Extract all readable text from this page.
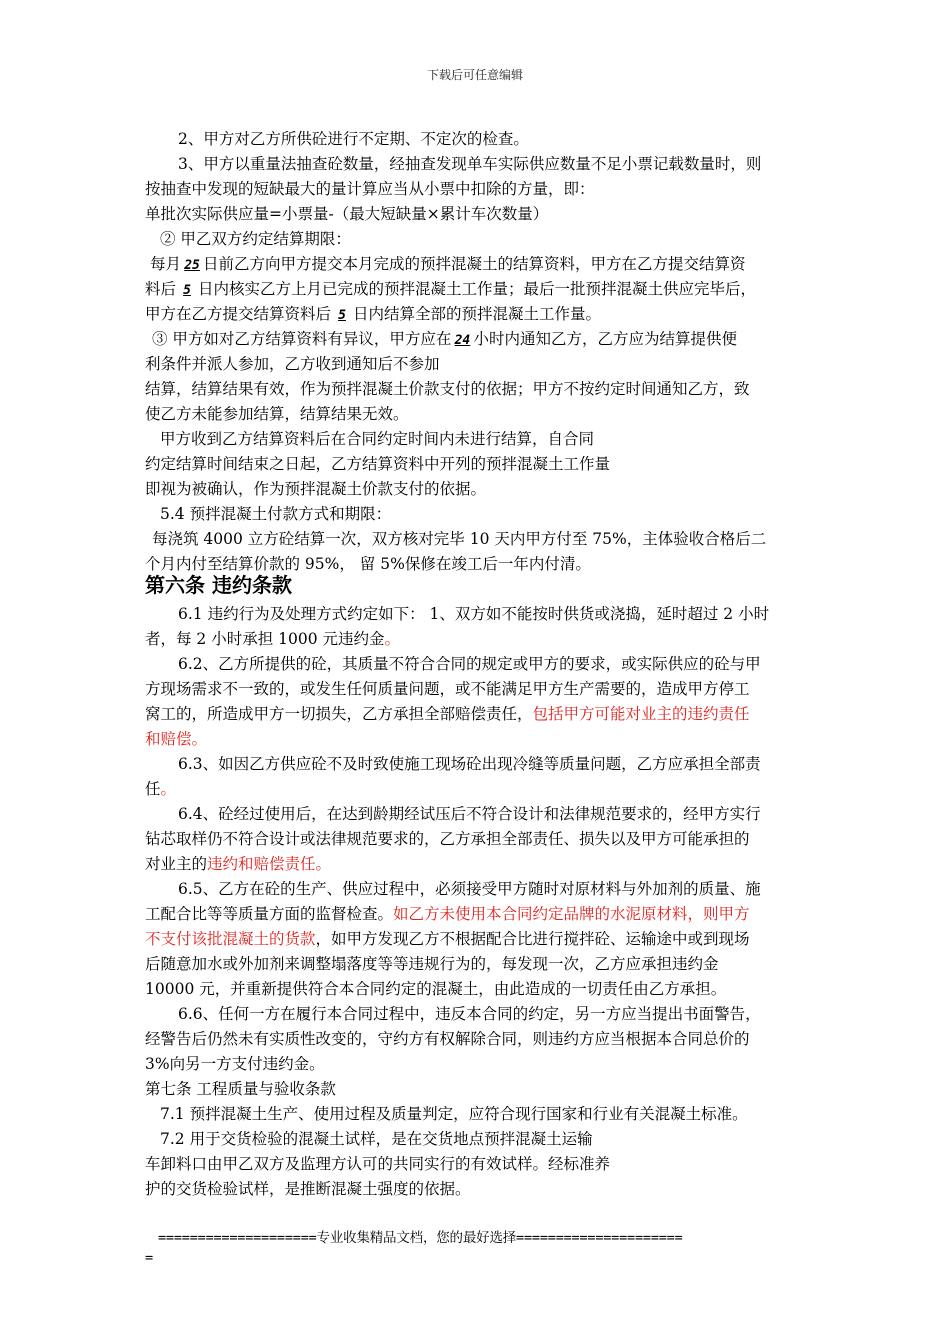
下载后可任意编辑
2、甲方对乙方所供砼进行不定期、不定次的检查。
3、甲方以重量法抽查砼数量，经抽查发现单车实际供应数量不足小票记载数量时，则
按抽查中发现的短缺最大的量计算应当从小票中扣除的方量，即：
单批次实际供应量=小票量-（最大短缺量×累计车次数量）
② 甲乙双方约定结算期限：
每月 25 日前乙方向甲方提交本月完成的预拌混凝土的结算资料，甲方在乙方提交结算资
料后 5 日内核实乙方上月已完成的预拌混凝土工作量；最后一批预拌混凝土供应完毕后，
甲方在乙方提交结算资料后 5 日内结算全部的预拌混凝土工作量。
③ 甲方如对乙方结算资料有异议，甲方应在 24 小时内通知乙方，乙方应为结算提供便
利条件并派人参加，乙方收到通知后不参加
结算，结算结果有效，作为预拌混凝土价款支付的依据；甲方不按约定时间通知乙方，致
使乙方未能参加结算，结算结果无效。
甲方收到乙方结算资料后在合同约定时间内未进行结算，自合同
约定结算时间结束之日起，乙方结算资料中开列的预拌混凝土工作量
即视为被确认，作为预拌混凝土价款支付的依据。
5.4 预拌混凝土付款方式和期限：
每浇筑 4000 立方砼结算一次，双方核对完毕 10 天内甲方付至 75%，主体验收合格后二
个月内付至结算价款的 95%， 留 5%保修在竣工后一年内付清。
第六条 违约条款
6.1 违约行为及处理方式约定如下： 1、双方如不能按时供货或浇捣，延时超过 2 小时
者，每 2 小时承担 1000 元违约金。
6.2、乙方所提供的砼，其质量不符合合同的规定或甲方的要求，或实际供应的砼与甲
方现场需求不一致的，或发生任何质量问题，或不能满足甲方生产需要的，造成甲方停工
窝工的，所造成甲方一切损失，乙方承担全部赔偿责任，包括甲方可能对业主的违约责任
和赔偿。
6.3、如因乙方供应砼不及时致使施工现场砼出现冷缝等质量问题，乙方应承担全部责
任。
6.4、砼经过使用后，在达到龄期经试压后不符合设计和法律规范要求的，经甲方实行
钻芯取样仍不符合设计或法律规范要求的，乙方承担全部责任、损失以及甲方可能承担的
对业主的违约和赔偿责任。
6.5、乙方在砼的生产、供应过程中，必须接受甲方随时对原材料与外加剂的质量、施
工配合比等等质量方面的监督检查。如乙方未使用本合同约定品牌的水泥原材料，则甲方
不支付该批混凝土的货款，如甲方发现乙方不根据配合比进行搅拌砼、运输途中或到现场
后随意加水或外加剂来调整塌落度等等违规行为的，每发现一次，乙方应承担违约金
10000 元，并重新提供符合本合同约定的混凝土，由此造成的一切责任由乙方承担。
6.6、任何一方在履行本合同过程中，违反本合同的约定，另一方应当提出书面警告，
经警告后仍然未有实质性改变的，守约方有权解除合同，则违约方应当根据本合同总价的
3%向另一方支付违约金。
第七条 工程质量与验收条款
7.1 预拌混凝土生产、使用过程及质量判定，应符合现行国家和行业有关混凝土标准。
7.2 用于交货检验的混凝土试样，是在交货地点预拌混凝土运输
车卸料口由甲乙双方及监理方认可的共同实行的有效试样。经标准养
护的交货检验试样，是推断混凝土强度的依据。
====================专业收集精品文档，您的最好选择=====================
=
